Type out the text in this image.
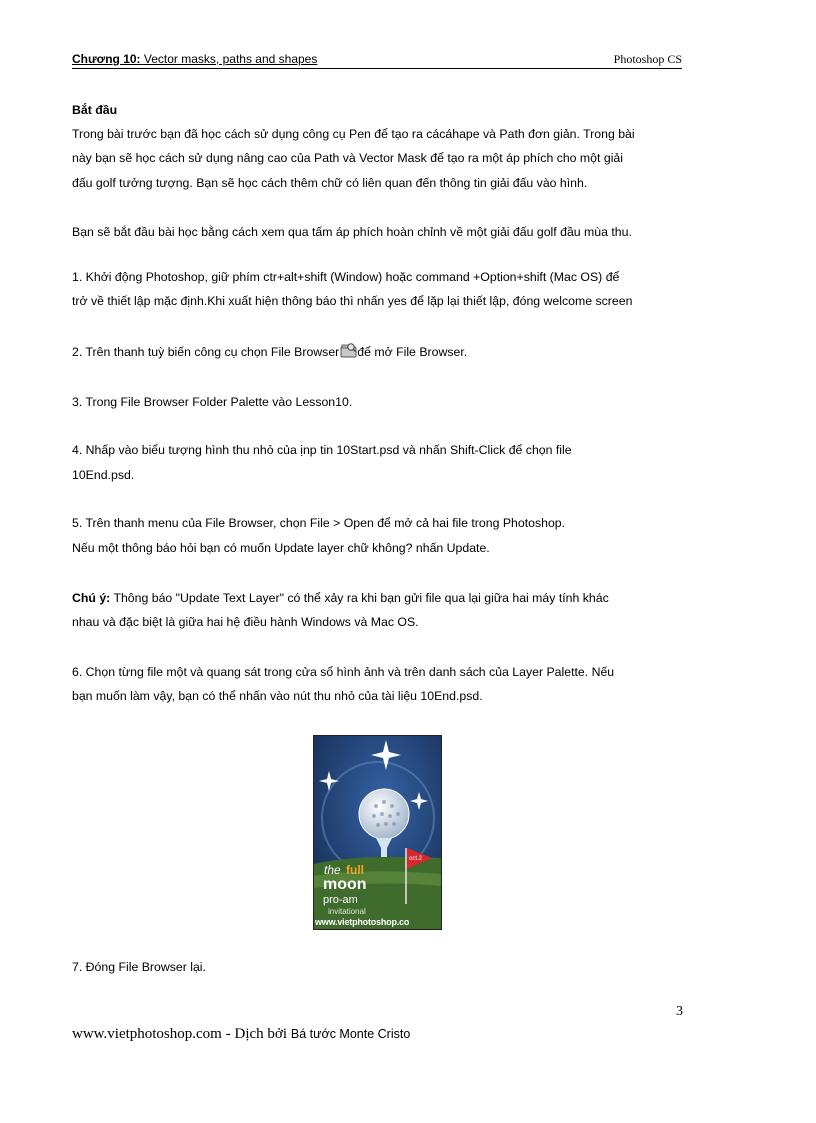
Chương 10: Vector masks, paths and shapes	Photoshop CS
Bắt đầu
Trong bài trước bạn đã học cách sử dụng công cụ Pen để tạo ra cácáhape và Path đơn giản. Trong bài
này bạn sẽ học cách sử dụng nâng cao của Path và Vector Mask để tạo ra một áp phích cho một giải
đấu golf tưởng tượng. Bạn sẽ học cách thêm chữ có liên quan đến thông tin giải đấu vào hình.
Bạn sẽ bắt đầu bài học bằng cách xem qua tấm áp phích hoàn chỉnh về một giải đấu golf đầu mùa thu.
1. Khởi động Photoshop, giữ phím ctr+alt+shift (Window) hoặc command +Option+shift (Mac OS) để
trở về thiết lập mặc định.Khi xuất hiện thông báo thì nhấn yes để lặp lại thiết lập, đóng welcome screen
2. Trên thanh tuỳ biến công cụ chọn File Browser để mở File Browser.
3. Trong File Browser Folder Palette vào Lesson10.
4. Nhấp vào biểu tượng hình thu nhỏ của ịnp tin 10Start.psd và nhấn Shift-Click để chọn file
10End.psd.
5. Trên thanh menu của File Browser, chọn File > Open để mở cả hai file trong Photoshop.
Nếu một thông báo hỏi bạn có muốn Update layer chữ không? nhấn Update.
Chú ý: Thông báo "Update Text Layer" có thể xảy ra khi bạn gửi file qua lại giữa hai máy tính khác
nhau và đặc biệt là giữa hai hệ điều hành Windows và Mac OS.
6. Chọn từng file một và quang sát trong cửa sổ hình ảnh và trên danh sách của Layer Palette. Nếu
bạn muốn làm vậy, bạn có thể nhấn vào nút thu nhỏ của tài liệu 10End.psd.
oct.2
the full
moon
pro-am
invitational
www.vietphotoshop.co
7. Đóng File Browser lại.
3
www.vietphotoshop.com - Dịch bởi Bá tước Monte Cristo
